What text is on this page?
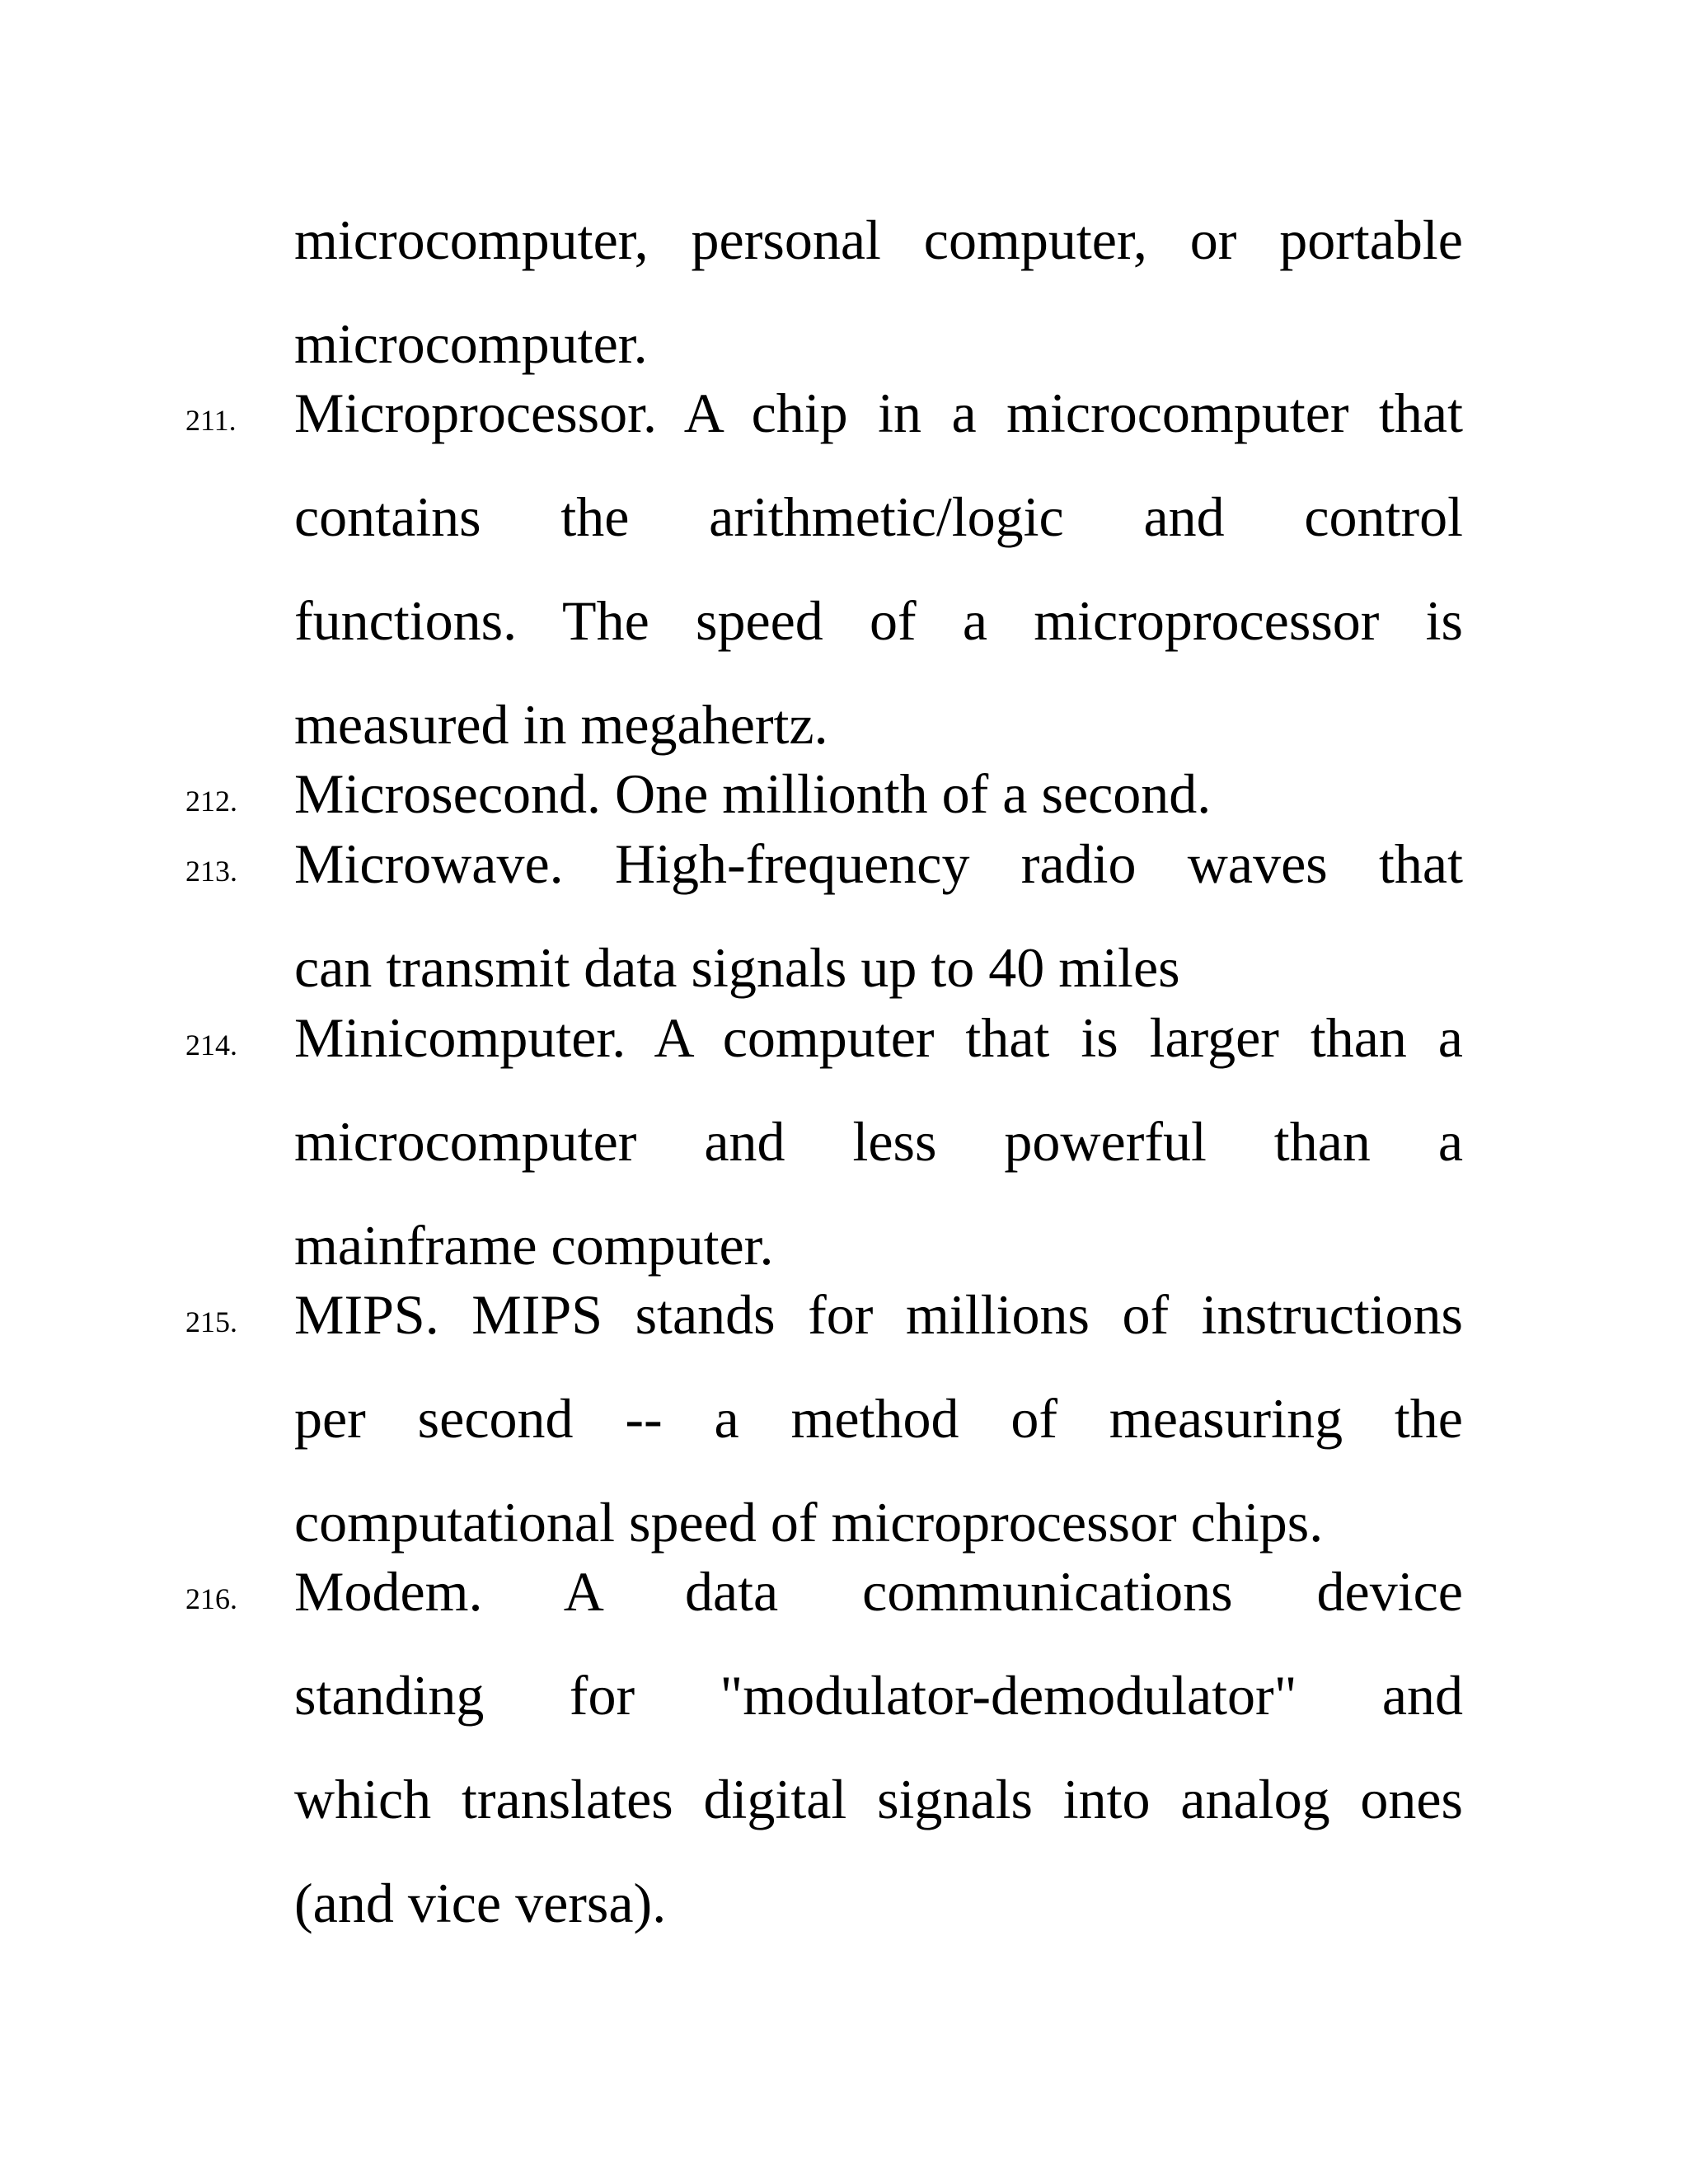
microcomputer, personal computer, or portable
microcomputer.
211. Microprocessor. A chip in a microcomputer that
contains the arithmetic/logic and control
functions. The speed of a microprocessor is
measured in megahertz.
212. Microsecond. One millionth of a second.
213. Microwave. High-frequency radio waves that
can transmit data signals up to 40 miles
214. Minicomputer. A computer that is larger than a
microcomputer and less powerful than a
mainframe computer.
215. MIPS. MIPS stands for millions of instructions
per second -- a method of measuring the
computational speed of microprocessor chips.
216. Modem. A data communications device
standing for "modulator-demodulator" and
which translates digital signals into analog ones
(and vice versa).
